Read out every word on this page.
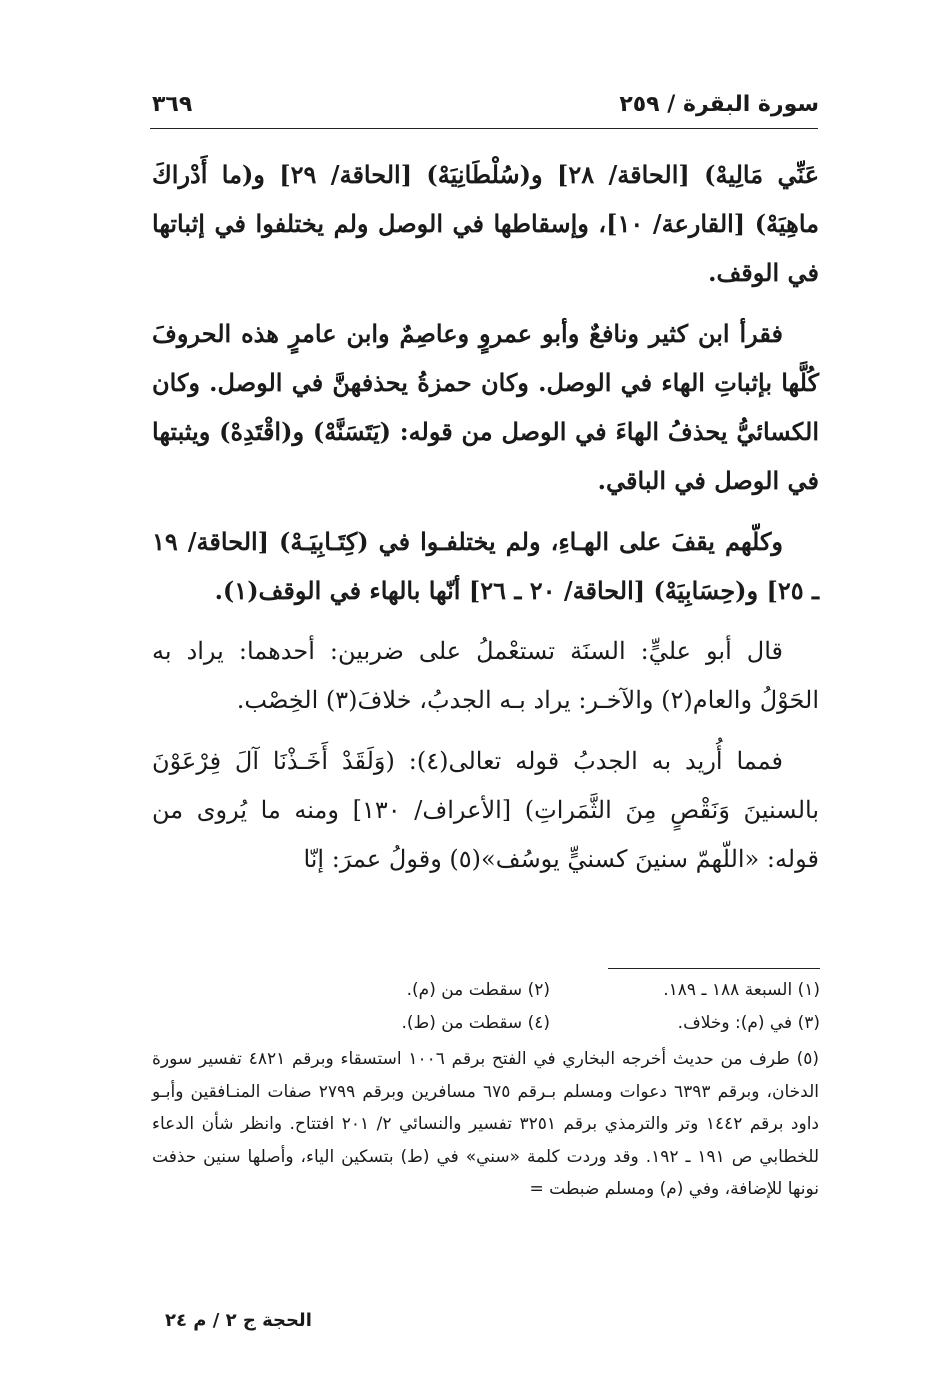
سورة البقرة / ٢٥٩
٣٦٩

عَنِّي مَالِيهْ) [الحاقة/ ٢٨] و(سُلْطَانِيَهْ) [الحاقة/ ٢٩] و(ما أَدْراكَ ماهِيَهْ) [القارعة/ ١٠]، وإسقاطها في الوصل ولم يختلفوا في إثباتها في الوقف.

فقرأ ابن كثير ونافعٌ وأبو عمروٍ وعاصِمٌ وابن عامرٍ هذه الحروفَ كُلَّها بإثباتِ الهاء في الوصل. وكان حمزةُ يحذفهنَّ في الوصل. وكان الكسائيُّ يحذفُ الهاءَ في الوصل من قوله: (يَتَسَنَّهْ) و(اقْتَدِهْ) ويثبتها في الوصل في الباقي.

وكلّهم يقفَ على الهـاءِ، ولم يختلفـوا في (كِتَـابِيَـهْ) [الحاقة/ ١٩ ـ ٢٥] و(حِسَابِيَهْ) [الحاقة/ ٢٠ ـ ٢٦] أنّها بالهاء في الوقف(١).

قال أبو عليٍّ: السنَة تستعْملُ على ضربين: أحدهما: يراد به الحَوْلُ والعام(٢) والآخـر: يراد بـه الجدبُ، خلافَ(٣) الخِصْب.

فمما أُريد به الجدبُ قوله تعالى(٤): (وَلَقَدْ أَخَـذْنَا آلَ فِرْعَوْنَ بالسنينَ وَنَقْصٍ مِنَ الثَّمَراتِ) [الأعراف/ ١٣٠] ومنه ما يُروى من قوله: «اللّهمّ سنينَ كسنيٍّ يوسُف»(٥) وقولُ عمرَ: إنّا

(١) السبعة ١٨٨ ـ ١٨٩.
(٢) سقطت من (م).
(٣) في (م): وخلاف.
(٤) سقطت من (ط).
(٥) طرف من حديث أخرجه البخاري في الفتح برقم ١٠٠٦ استسقاء وبرقم ٤٨٢١ تفسير سورة الدخان، وبرقم ٦٣٩٣ دعوات ومسلم بـرقم ٦٧٥ مسافرين وبرقم ٢٧٩٩ صفات المنـافقين وأبـو داود برقم ١٤٤٢ وتر والترمذي برقم ٣٢٥١ تفسير والنسائي ٢/ ٢٠١ افتتاح. وانظر شأن الدعاء للخطابي ص ١٩١ ـ ١٩٢. وقد وردت كلمة «سني» في (ط) بتسكين الياء، وأصلها سنين حذفت نونها للإضافة، وفي (م) ومسلم ضبطت =
الحجة ج ٢ / م ٢٤
